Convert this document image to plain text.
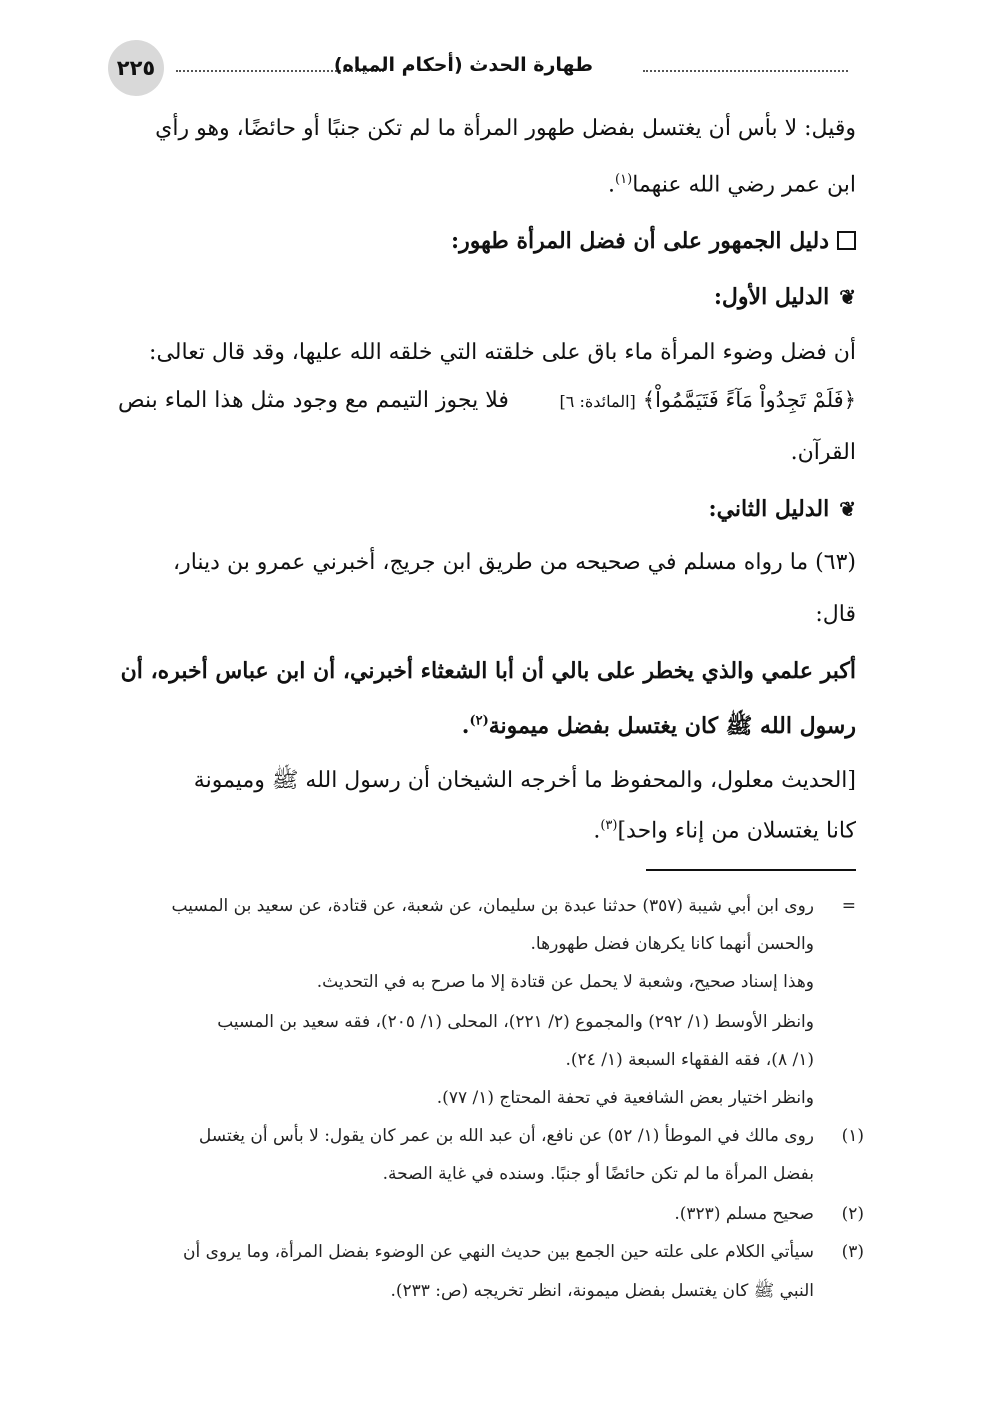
٢٢٥	طهارة الحدث (أحكام المياه)
وقيل: لا بأس أن يغتسل بفضل طهور المرأة ما لم تكن جنبًا أو حائضًا، وهو رأي
ابن عمر رضي الله عنهما$^{(١)}$.
دليل الجمهور على أن فضل المرأة طهور:
❦الدليل الأول:
أن فضل وضوء المرأة ماء باق على خلقته التي خلقه الله عليها، وقد قال تعالى:
﴿فَلَمْ تَجِدُواْ مَآءً فَتَيَمَّمُواْ﴾ [المائدة: ٦]
فلا يجوز التيمم مع وجود مثل هذا الماء بنص
القرآن.
❦الدليل الثاني:
(٦٣) ما رواه مسلم في صحيحه من طريق ابن جريج، أخبرني عمرو بن دينار،
قال:
أكبر علمي والذي يخطر على بالي أن أبا الشعثاء أخبرني، أن ابن عباس أخبره، أن
رسول الله ﷺ كان يغتسل بفضل ميمونة$^{(٢)}$.
[الحديث معلول، والمحفوظ ما أخرجه الشيخان أن رسول الله ﷺ وميمونة
كانا يغتسلان من إناء واحد]$^{(٣)}$.
=
روى ابن أبي شيبة (٣٥٧) حدثنا عبدة بن سليمان، عن شعبة، عن قتادة، عن سعيد بن المسيب
والحسن أنهما كانا يكرهان فضل طهورها.
وهذا إسناد صحيح، وشعبة لا يحمل عن قتادة إلا ما صرح به في التحديث.
وانظر الأوسط (١/ ٢٩٢) والمجموع (٢/ ٢٢١)، المحلى (١/ ٢٠٥)، فقه سعيد بن المسيب
(١/ ٨)، فقه الفقهاء السبعة (١/ ٢٤).
وانظر اختيار بعض الشافعية في تحفة المحتاج (١/ ٧٧).
(١)
روى مالك في الموطأ (١/ ٥٢) عن نافع، أن عبد الله بن عمر كان يقول: لا بأس أن يغتسل
بفضل المرأة ما لم تكن حائضًا أو جنبًا. وسنده في غاية الصحة.
(٢)
صحيح مسلم (٣٢٣).
(٣)
سيأتي الكلام على علته حين الجمع بين حديث النهي عن الوضوء بفضل المرأة، وما يروى أن
النبي ﷺ كان يغتسل بفضل ميمونة، انظر تخريجه (ص: ٢٣٣).
